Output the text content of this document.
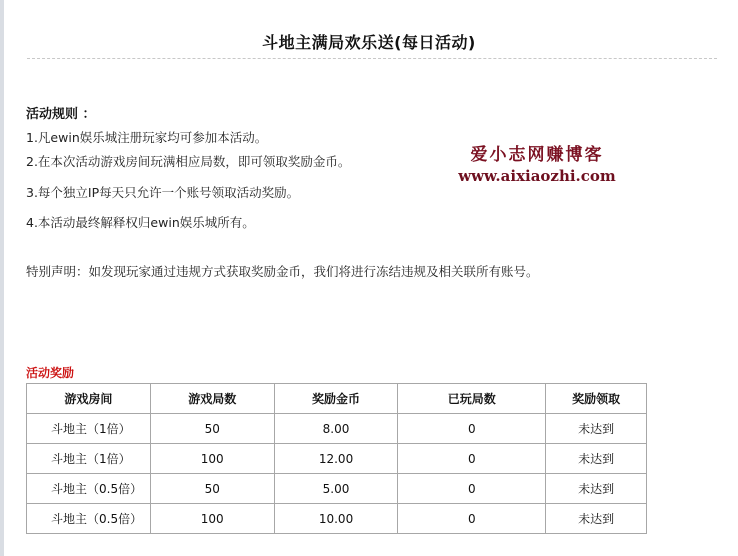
斗地主满局欢乐送(每日活动)
活动规则 ：
1.凡ewin娱乐城注册玩家均可参加本活动。
2.在本次活动游戏房间玩满相应局数，即可领取奖励金币。
3.每个独立IP每天只允许一个账号领取活动奖励。
4.本活动最终解释权归ewin娱乐城所有。
爱小志网赚博客
www.aixiaozhi.com
特别声明：如发现玩家通过违规方式获取奖励金币，我们将进行冻结违规及相关联所有账号。
活动奖励
游戏房间	游戏局数	奖励金币	已玩局数	奖励领取
斗地主（1倍）	50	8.00	0	未达到
斗地主（1倍）	100	12.00	0	未达到
斗地主（0.5倍）	50	5.00	0	未达到
斗地主（0.5倍）	100	10.00	0	未达到
